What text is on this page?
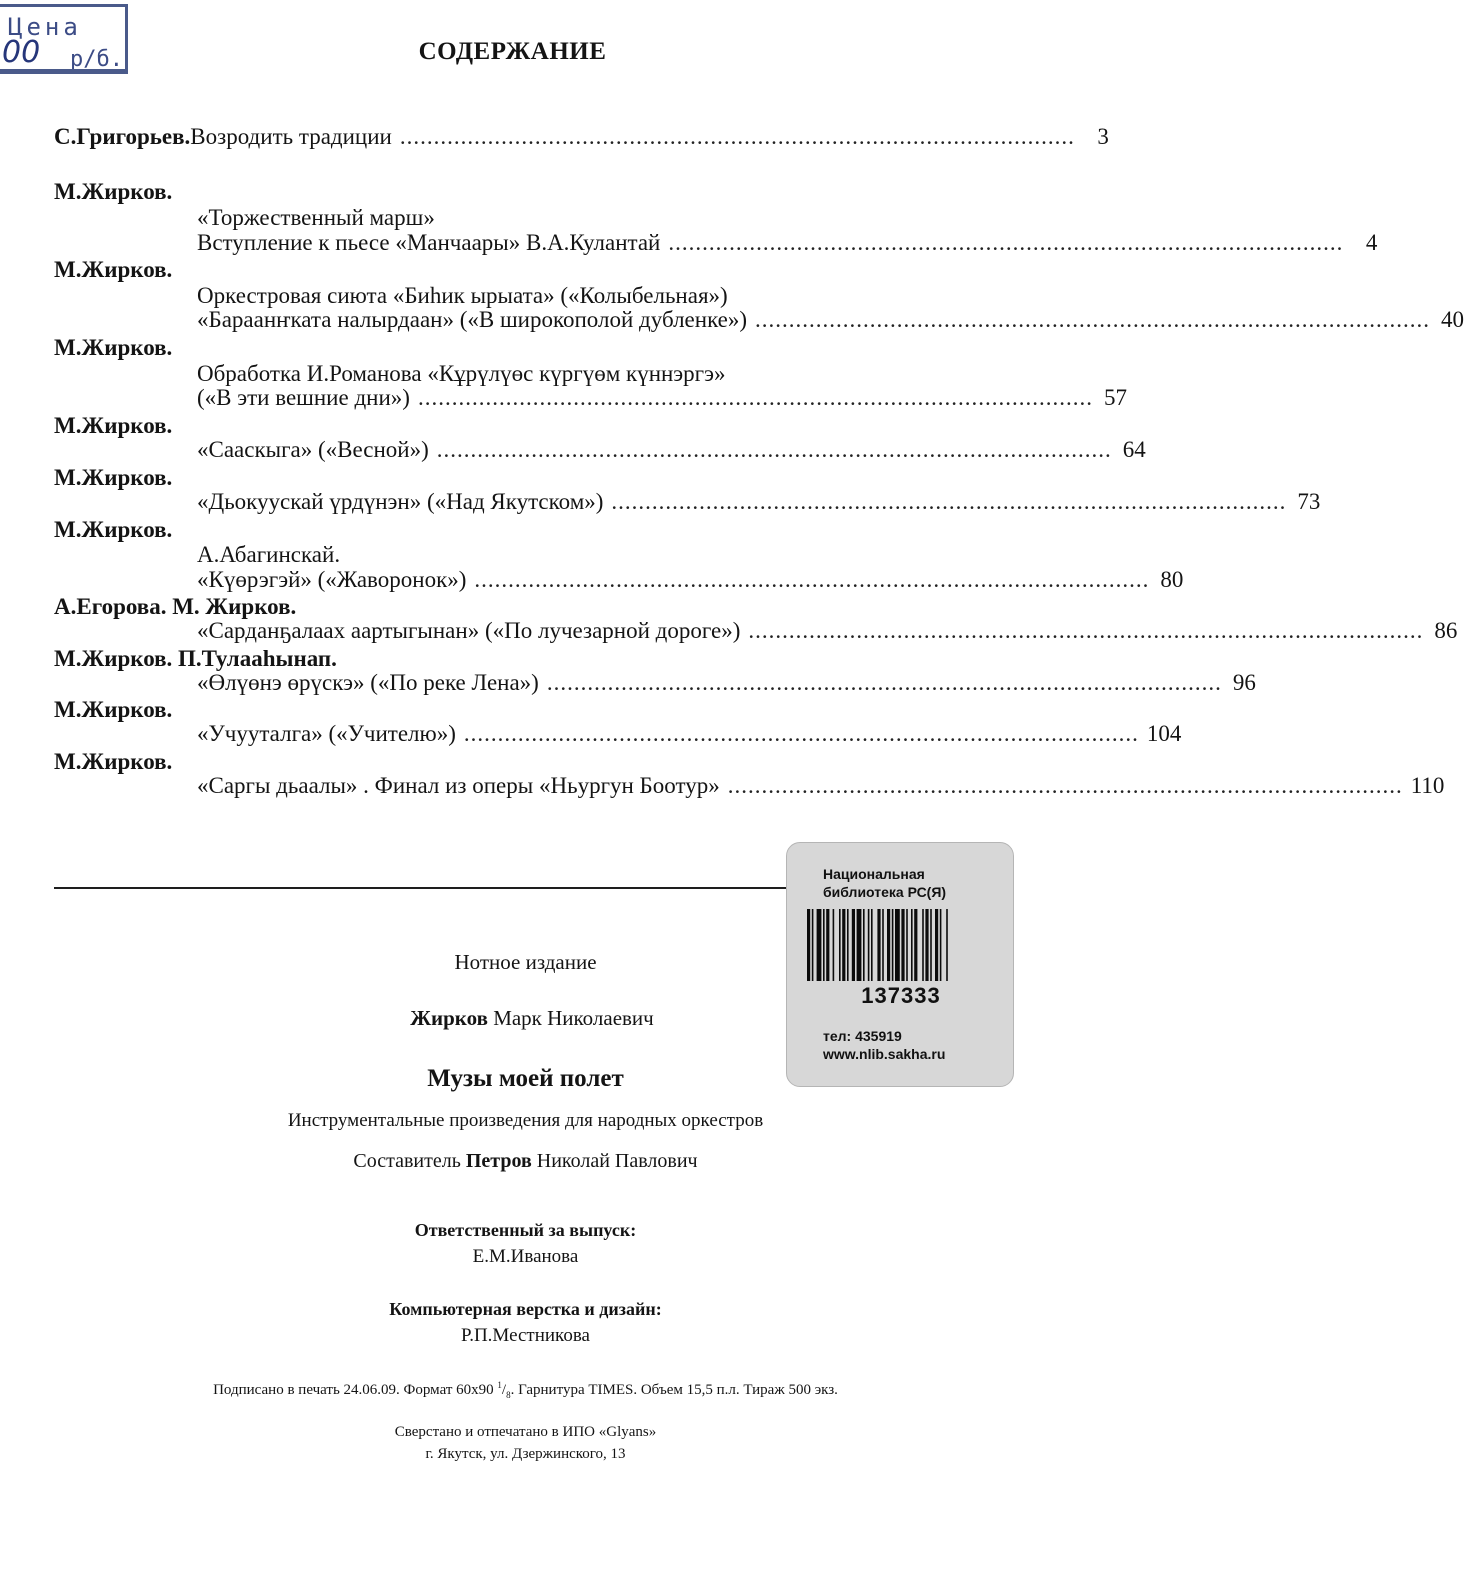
Цена
00 р/б.	СОДЕРЖАНИЕ
С.Григорьев. Возродить традиции .................................................................................................... 3
М.Жирков.
«Торжественный марш»
Вступление к пьесе «Манчаары» В.А.Кулантай .................................................................................................... 4
М.Жирков.
Оркестровая сиюта «Биhик ырыата» («Колыбельная»)
«Бараанҥката налырдаан» («В широкополой дубленке») .................................................................................................... 40
М.Жирков.
Обработка И.Романова «Кұрүлүөс күргүөм күннэргэ»
(«В эти вешние дни») .................................................................................................... 57
М.Жирков.
«Сааскыга» («Весной») .................................................................................................... 64
М.Жирков.
«Дьокуускай үрдүнэн» («Над Якутском») .................................................................................................... 73
М.Жирков.
А.Абагинскай.
«Күөрэгэй» («Жаворонок») .................................................................................................... 80
А.Егорова. М. Жирков.
«Сарданҕалаах аартыгынан» («По лучезарной дороге») .................................................................................................... 86
М.Жирков. П.Тулааhынап.
«Өлүөнэ өрүскэ» («По реке Лена») .................................................................................................... 96
М.Жирков.
«Учууталга» («Учителю») .................................................................................................... 104
М.Жирков.
«Саргы дьаалы» . Финал из оперы «Ньургун Боотур» .................................................................................................... 110
Национальная
библиотека РС(Я)
137333
тел: 435919
www.nlib.sakha.ru
Нотное издание
Жирков Марк Николаевич
Музы моей полет
Инструментальные произведения для народных оркестров
Составитель Петров Николай Павлович
Ответственный за выпуск:
Е.М.Иванова
Компьютерная верстка и дизайн:
Р.П.Местникова
Подписано в печать 24.06.09. Формат 60х90 $^1/_8$. Гарнитура TIMES. Объем 15,5 п.л. Тираж 500 экз.
Сверстано и отпечатано в ИПО «Glyans»
г. Якутск, ул. Дзержинского, 13
